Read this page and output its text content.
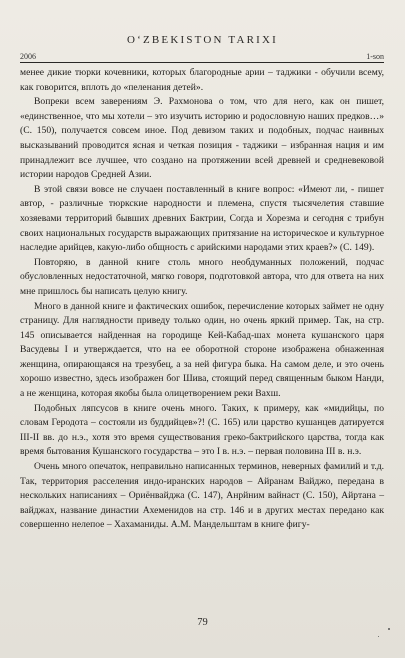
O‘ZBEKISTON TARIXI
2006	1-son

менее дикие тюрки кочевники, которых благородные арии – таджики - обучили всему, как говорится, вплоть до «пеленания детей».

Вопреки всем заверениям Э. Рахмонова о том, что для него, как он пишет, «единственное, что мы хотели – это изучить историю и родословную наших предков…» (С. 150), получается совсем иное. Под девизом таких и подобных, подчас наивных высказываний проводится ясная и четкая позиция - таджики – избранная нация и им принадлежит все лучшее, что создано на протяжении всей древней и средневековой истории народов Средней Азии.

В этой связи вовсе не случаен поставленный в книге вопрос: «Имеют ли, - пишет автор, - различные тюркские народности и племена, спустя тысячелетия ставшие хозяевами территорий бывших древних Бактрии, Согда и Хорезма и сегодня с трибун своих национальных государств выражающих притязание на историческое и культурное наследие арийцев, какую-либо общность с арийскими народами этих краев?» (С. 149).

Повторяю, в данной книге столь много необдуманных положений, подчас обусловленных недостаточной, мягко говоря, подготовкой автора, что для ответа на них мне пришлось бы написать целую книгу.

Много в данной книге и фактических ошибок, перечисление которых займет не одну страницу. Для наглядности приведу только один, но очень яркий пример. Так, на стр. 145 описывается найденная на городище Кей-Кабад-шах монета кушанского царя Васудевы I и утверждается, что на ее оборотной стороне изображена обнаженная женщина, опирающаяся на трезубец, а за ней фигура быка. На самом деле, и это очень хорошо известно, здесь изображен бог Шива, стоящий перед священным быком Нанди, а не женщина, которая якобы была олицетворением реки Вахш.

Подобных ляпсусов в книге очень много. Таких, к примеру, как «мидийцы, по словам Геродота – состояли из буддийцев»?! (С. 165) или царство кушанцев датируется III-II вв. до н.э., хотя это время существования греко-бактрийского царства, тогда как время бытования Кушанского государства – это I в. н.э. – первая половина III в. н.э.

Очень много опечаток, неправильно написанных терминов, неверных фамилий и т.д. Так, территория расселения индо-иранских народов – Айранам Вайджо, передана в нескольких написаниях – Ориёнвайджа (С. 147), Анрйним вайнаст (С. 150), Айртана – вайджах, название династии Ахеменидов на стр. 146 и в других местах передано как совершенно нелепое – Хахаманиды. А.М. Мандельштам в книге фигу-

79
